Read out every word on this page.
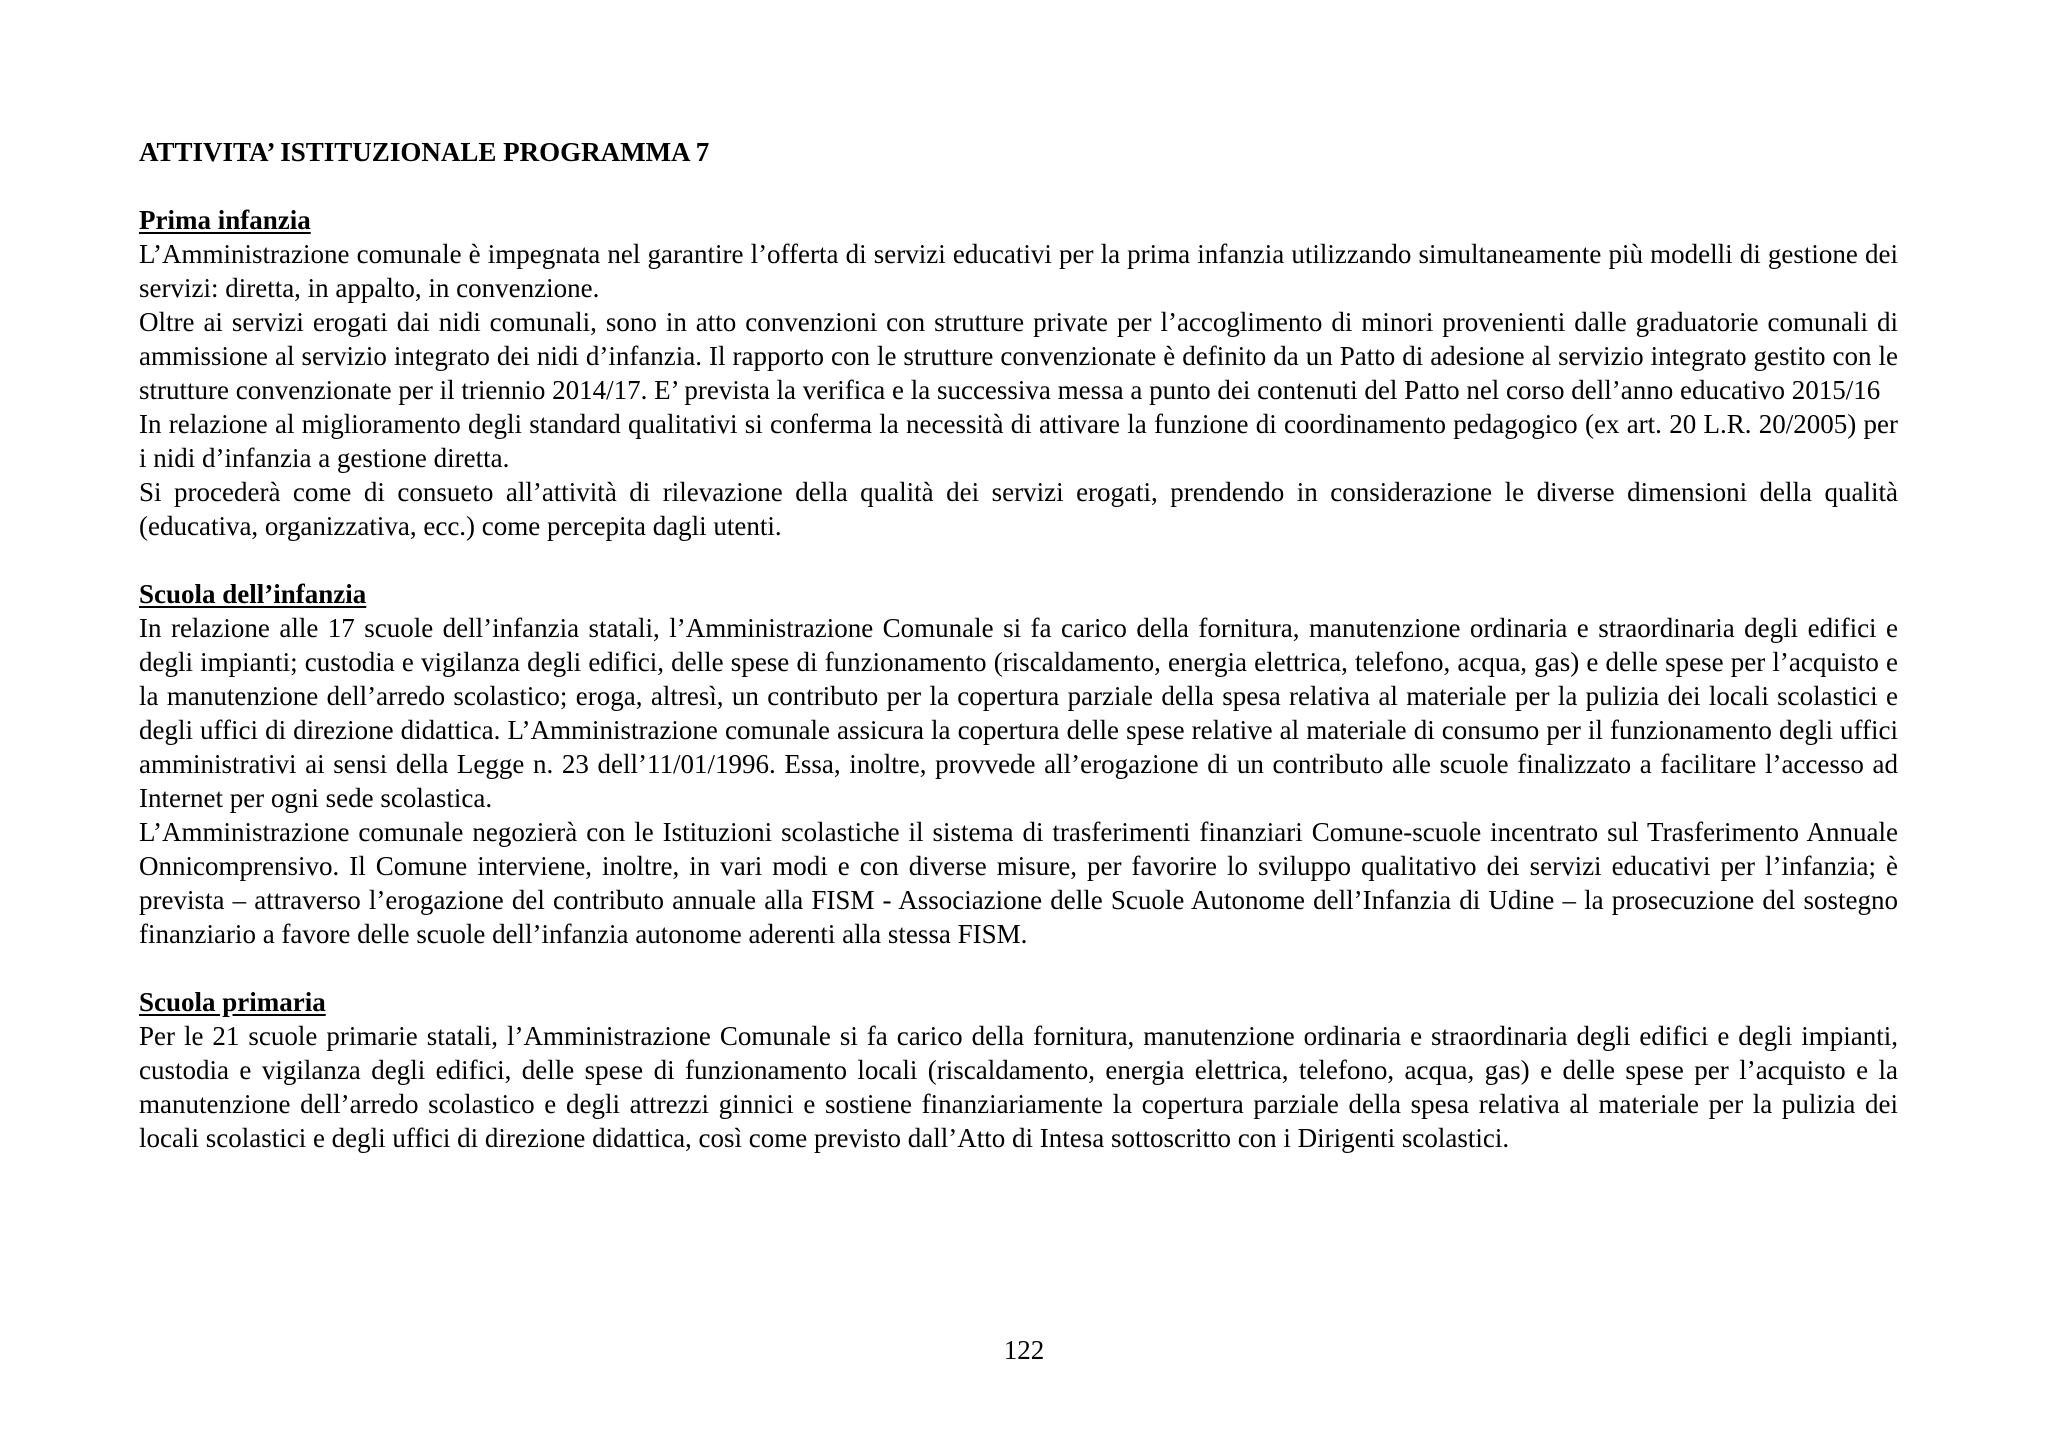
ATTIVITA’ ISTITUZIONALE PROGRAMMA 7
Prima infanzia

L’Amministrazione comunale è impegnata nel garantire l’offerta di servizi educativi per la prima infanzia utilizzando simultaneamente più modelli di gestione dei servizi: diretta, in appalto, in convenzione.

Oltre ai servizi erogati dai nidi comunali, sono in atto convenzioni con strutture private per l’accoglimento di minori provenienti dalle graduatorie comunali di ammissione al servizio integrato dei nidi d’infanzia. Il rapporto con le strutture convenzionate è definito da un Patto di adesione al servizio integrato gestito con le strutture convenzionate per il triennio 2014/17. E’ prevista la verifica e la successiva messa a punto dei contenuti del Patto nel corso dell’anno educativo 2015/16

In relazione al miglioramento degli standard qualitativi si conferma la necessità di attivare la funzione di coordinamento pedagogico (ex art. 20 L.R. 20/2005) per i nidi d’infanzia a gestione diretta.

Si procederà come di consueto all’attività di rilevazione della qualità dei servizi erogati, prendendo in considerazione le diverse dimensioni della qualità (educativa, organizzativa, ecc.) come percepita dagli utenti.

Scuola dell’infanzia

In relazione alle 17 scuole dell’infanzia statali, l’Amministrazione Comunale si fa carico della fornitura, manutenzione ordinaria e straordinaria degli edifici e degli impianti; custodia e vigilanza degli edifici, delle spese di funzionamento (riscaldamento, energia elettrica, telefono, acqua, gas) e delle spese per l’acquisto e la manutenzione dell’arredo scolastico; eroga, altresì, un contributo per la copertura parziale della spesa relativa al materiale per la pulizia dei locali scolastici e degli uffici di direzione didattica. L’Amministrazione comunale assicura la copertura delle spese relative al materiale di consumo per il funzionamento degli uffici amministrativi ai sensi della Legge n. 23 dell’11/01/1996. Essa, inoltre, provvede all’erogazione di un contributo alle scuole finalizzato a facilitare l’accesso ad Internet per ogni sede scolastica.

L’Amministrazione comunale negozierà con le Istituzioni scolastiche il sistema di trasferimenti finanziari Comune-scuole incentrato sul Trasferimento Annuale Onnicomprensivo. Il Comune interviene, inoltre, in vari modi e con diverse misure, per favorire lo sviluppo qualitativo dei servizi educativi per l’infanzia; è prevista – attraverso l’erogazione del contributo annuale alla FISM - Associazione delle Scuole Autonome dell’Infanzia di Udine – la prosecuzione del sostegno finanziario a favore delle scuole dell’infanzia autonome aderenti alla stessa FISM.

Scuola primaria

Per le 21 scuole primarie statali, l’Amministrazione Comunale si fa carico della fornitura, manutenzione ordinaria e straordinaria degli edifici e degli impianti, custodia e vigilanza degli edifici, delle spese di funzionamento locali (riscaldamento, energia elettrica, telefono, acqua, gas) e delle spese per l’acquisto e la manutenzione dell’arredo scolastico e degli attrezzi ginnici e sostiene finanziariamente la copertura parziale della spesa relativa al materiale per la pulizia dei locali scolastici e degli uffici di direzione didattica, così come previsto dall’Atto di Intesa sottoscritto con i Dirigenti scolastici.

122
